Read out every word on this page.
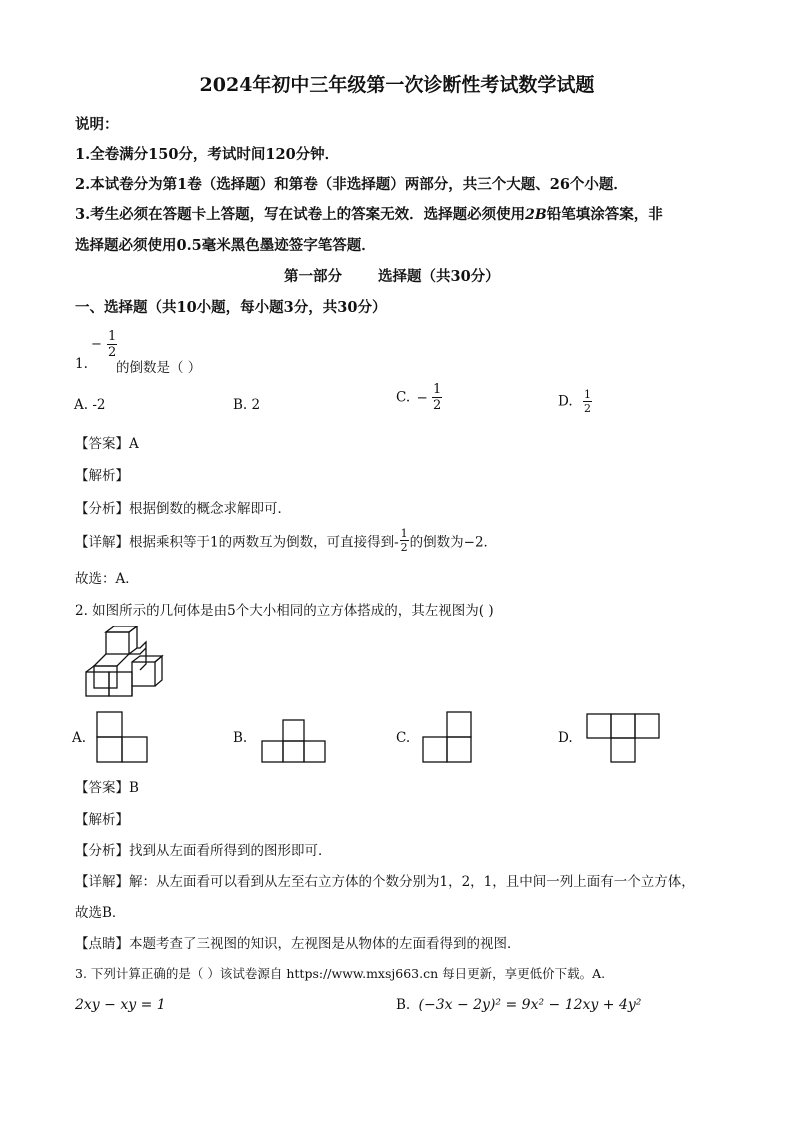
2024年初中三年级第一次诊断性考试数学试题
说明：
1.全卷满分150分，考试时间120分钟．
2.本试卷分为第1卷（选择题）和第卷（非选择题）两部分，共三个大题、26个小题．
3.考生必须在答题卡上答题，写在试卷上的答案无效．选择题必须使用2B铅笔填涂答案，非
选择题必须使用0.5毫米黑色墨迹签字笔答题．
第一部分 选择题（共30分）
一、选择题（共10小题，每小题3分，共30分）
1.
− $\frac{1}{2}$
的倒数是（ ）
A. -2	B. 2	C. − $\frac{1}{2}$	D. $\frac{1}{2}$
【答案】A
【解析】
【分析】根据倒数的概念求解即可．
【详解】根据乘积等于1的两数互为倒数，可直接得到- $\frac{1}{2}$ 的倒数为−2．
故选：A．
2. 如图所示的几何体是由5个大小相同的立方体搭成的，其左视图为( )
A.	B.	C.	D.
【答案】B
【解析】
【分析】找到从左面看所得到的图形即可．
【详解】解：从左面看可以看到从左至右立方体的个数分别为1，2，1，且中间一列上面有一个立方体，
故选B．
【点睛】本题考查了三视图的知识，左视图是从物体的左面看得到的视图．
3. 下列计算正确的是（ ）该试卷源自 https://www.mxsj663.cn 每日更新，享更低价下载。A.
2xy − xy = 1	B. (−3x − 2y)² = 9x² − 12xy + 4y²
